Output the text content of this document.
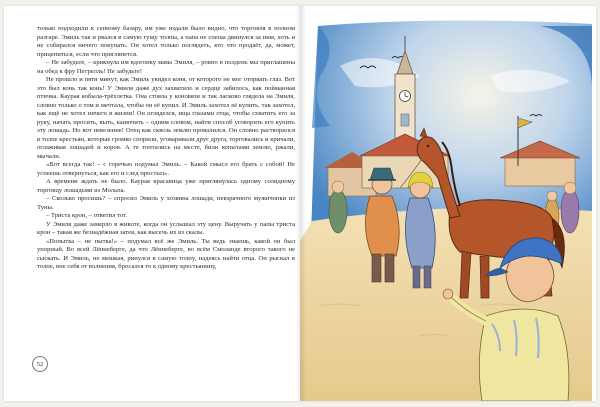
только подходили к сенному базару, им уже издали было видно, что торговля в полном разгаре. Эмиль так и рвался в самую гущу толпы, а папа не спеша двинулся за ним, хоть и не собирался ничего покупать. Он хотел только поглядеть, кто что продаёт, да, может, прицениться, если что приглянется.

– Не забудьте, – крикнула им вдогонку мама Эмиля, – ровно в полдень мы приглашены на обед к фру Петрелль! Не забудьте!

Не прошло и пяти минут, как Эмиль увидел коня, от которого не мог оторвать глаз. Вот это был конь так конь! У Эмиля даже дух захватило и сердце забилось, как пойманная птичка. Каурая кобыла-трёхлетка. Она стояла у коновязи и так ласково глядела на Эмиля, словно только о том и мечтала, чтобы он её купил. И Эмиль захотел её купить, так захотел, как ещё не хотел ничего в жизни! Он огляделся, ища глазами отца, чтобы схватить его за руку, начать просить, выть, канючить – одним словом, найти способ уговорить его купить эту лошадь. Но вот невезение! Отец как сквозь землю провалился. Он словно растворился в толпе крестьян, которые громко спорили, уговаривали друг друга, торговались и кричали, оглаживая лошадей и коров. А те топтались на месте, били копытами землю, ржали, мычали.

«Вот всегда так! – с горечью подумал Эмиль. – Какой смысл его брать с собой! Не успеешь отвернуться, как его и след простыл».

А времени ждать не было. Каурая красавица уже приглянулась одному солидному торговцу лошадьми из Мольпа.

– Сколько просишь? – спросил Эмиль у хозяина лошади, невзрачного мужичонки из Туны.

– Триста крон, – ответил тот.

У Эмиля даже замерло в животе, когда он услышал эту цену. Выручать у папы триста крон – такая же безнадёжная затея, как высечь их из скалы.

«Попытка – не пытка!» – подумал всё же Эмиль. Ты ведь знаешь, какой он был упорный. Во всей Лённеберге, да что Лённеберге, во всём Смоланде второго такого не сыскать. И Эмиль, не мешкая, ринулся в самую толпу, надеясь найти отца. Он рыскал в толпе, вне себя от волнения, бросался то к одному крестьянину,

52
